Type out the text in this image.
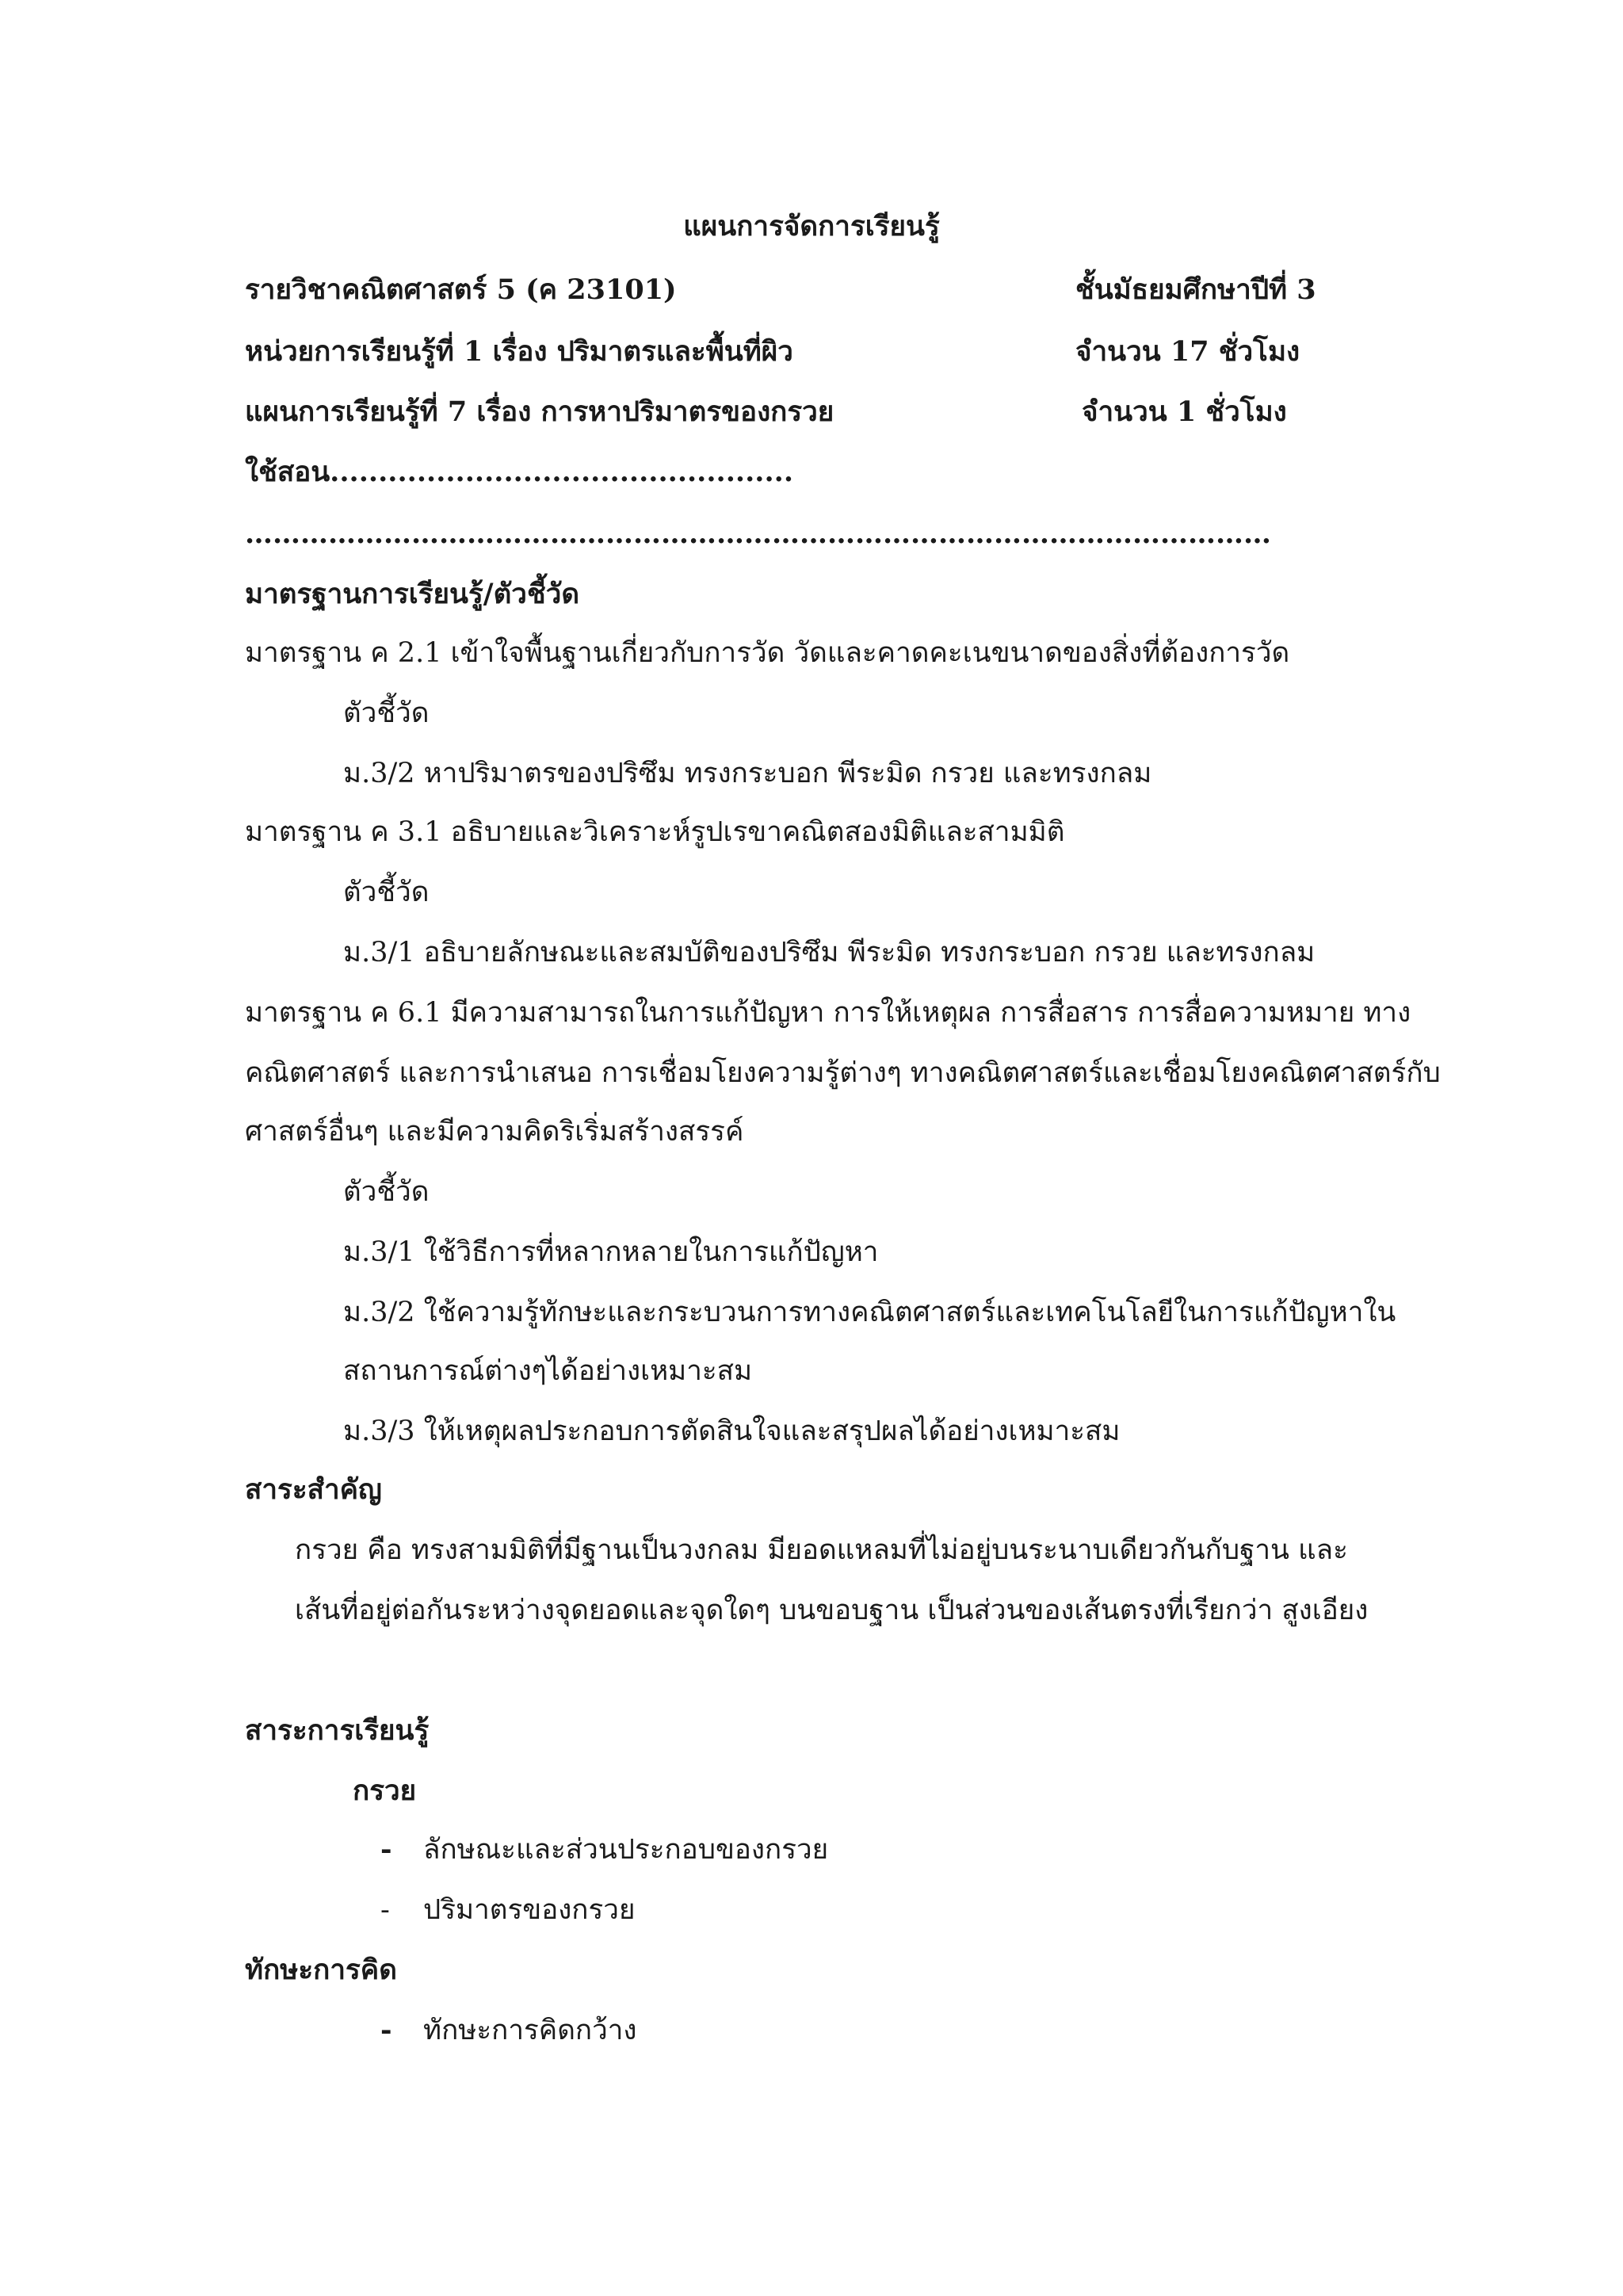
แผนการจัดการเรียนรู้
รายวิชาคณิตศาสตร์ 5 (ค 23101)	ชั้นมัธยมศึกษาปีที่ 3
หน่วยการเรียนรู้ที่ 1 เรื่อง ปริมาตรและพื้นที่ผิว	จำนวน 17 ชั่วโมง
แผนการเรียนรู้ที่ 7 เรื่อง การหาปริมาตรของกรวย	จำนวน 1 ชั่วโมง
ใช้สอน................................................
…………………………………………………………………………………………………
มาตรฐานการเรียนรู้/ตัวชี้วัด
มาตรฐาน ค 2.1 เข้าใจพื้นฐานเกี่ยวกับการวัด วัดและคาดคะเนขนาดของสิ่งที่ต้องการวัด
ตัวชี้วัด
ม.3/2 หาปริมาตรของปริซึม ทรงกระบอก พีระมิด กรวย และทรงกลม
มาตรฐาน ค 3.1 อธิบายและวิเคราะห์รูปเรขาคณิตสองมิติและสามมิติ
ตัวชี้วัด
ม.3/1 อธิบายลักษณะและสมบัติของปริซึม พีระมิด ทรงกระบอก กรวย และทรงกลม
มาตรฐาน ค 6.1 มีความสามารถในการแก้ปัญหา การให้เหตุผล การสื่อสาร การสื่อความหมาย ทาง
คณิตศาสตร์ และการนำเสนอ การเชื่อมโยงความรู้ต่างๆ ทางคณิตศาสตร์และเชื่อมโยงคณิตศาสตร์กับ
ศาสตร์อื่นๆ และมีความคิดริเริ่มสร้างสรรค์
ตัวชี้วัด
ม.3/1 ใช้วิธีการที่หลากหลายในการแก้ปัญหา
ม.3/2 ใช้ความรู้ทักษะและกระบวนการทางคณิตศาสตร์และเทคโนโลยีในการแก้ปัญหาใน
สถานการณ์ต่างๆได้อย่างเหมาะสม
ม.3/3 ให้เหตุผลประกอบการตัดสินใจและสรุปผลได้อย่างเหมาะสม
สาระสำคัญ
กรวย คือ ทรงสามมิติที่มีฐานเป็นวงกลม มียอดแหลมที่ไม่อยู่บนระนาบเดียวกันกับฐาน และ
เส้นที่อยู่ต่อกันระหว่างจุดยอดและจุดใดๆ บนขอบฐาน เป็นส่วนของเส้นตรงที่เรียกว่า สูงเอียง
สาระการเรียนรู้
กรวย
- ลักษณะและส่วนประกอบของกรวย
- ปริมาตรของกรวย
ทักษะการคิด
- ทักษะการคิดกว้าง
